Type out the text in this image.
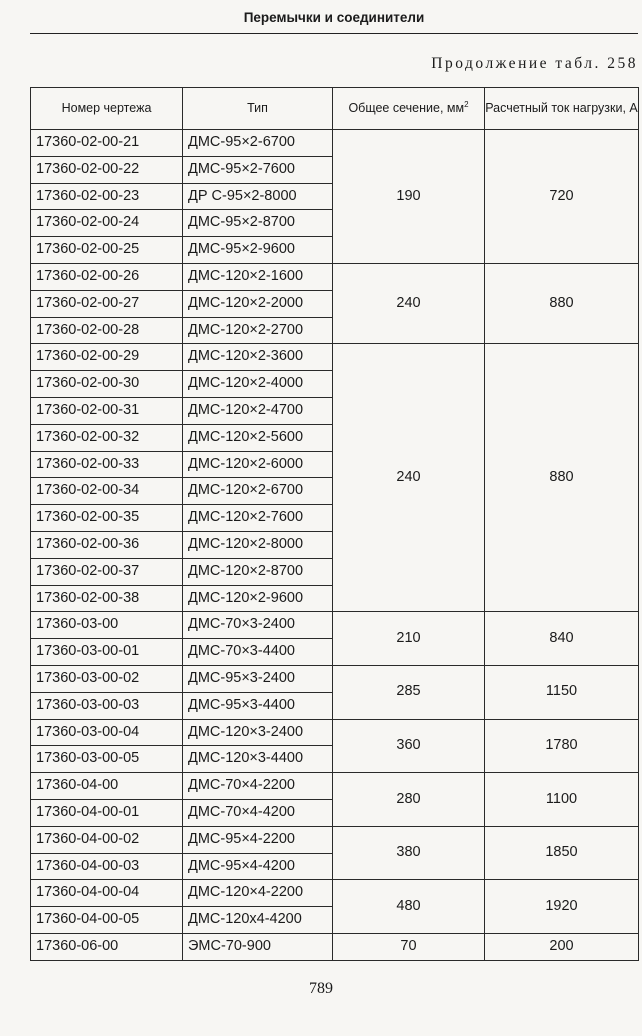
Перемычки и соединители
Продолжение табл. 258
Номер чертежа	Тип	Общее сечение, $мм^2$	Расчетный ток нагрузки, А
17360-02-00-21	ДМС-95×2-6700	190	720
17360-02-00-22	ДМС-95×2-7600		
17360-02-00-23	ДР С-95×2-8000		
17360-02-00-24	ДМС-95×2-8700		
17360-02-00-25	ДМС-95×2-9600		
17360-02-00-26	ДМС-120×2-1600	240	880
17360-02-00-27	ДМС-120×2-2000		
17360-02-00-28	ДМС-120×2-2700		
17360-02-00-29	ДМС-120×2-3600	240	880
17360-02-00-30	ДМС-120×2-4000		
17360-02-00-31	ДМС-120×2-4700		
17360-02-00-32	ДМС-120×2-5600		
17360-02-00-33	ДМС-120×2-6000		
17360-02-00-34	ДМС-120×2-6700		
17360-02-00-35	ДМС-120×2-7600		
17360-02-00-36	ДМС-120×2-8000		
17360-02-00-37	ДМС-120×2-8700		
17360-02-00-38	ДМС-120×2-9600		
17360-03-00	ДМС-70×3-2400	210	840
17360-03-00-01	ДМС-70×3-4400		
17360-03-00-02	ДМС-95×3-2400	285	1150
17360-03-00-03	ДМС-95×3-4400		
17360-03-00-04	ДМС-120×3-2400	360	1780
17360-03-00-05	ДМС-120×3-4400		
17360-04-00	ДМС-70×4-2200	280	1100
17360-04-00-01	ДМС-70×4-4200		
17360-04-00-02	ДМС-95×4-2200	380	1850
17360-04-00-03	ДМС-95×4-4200		
17360-04-00-04	ДМС-120×4-2200	480	1920
17360-04-00-05	ДМС-120x4-4200		
17360-06-00	ЭМС-70-900	70	200
789
